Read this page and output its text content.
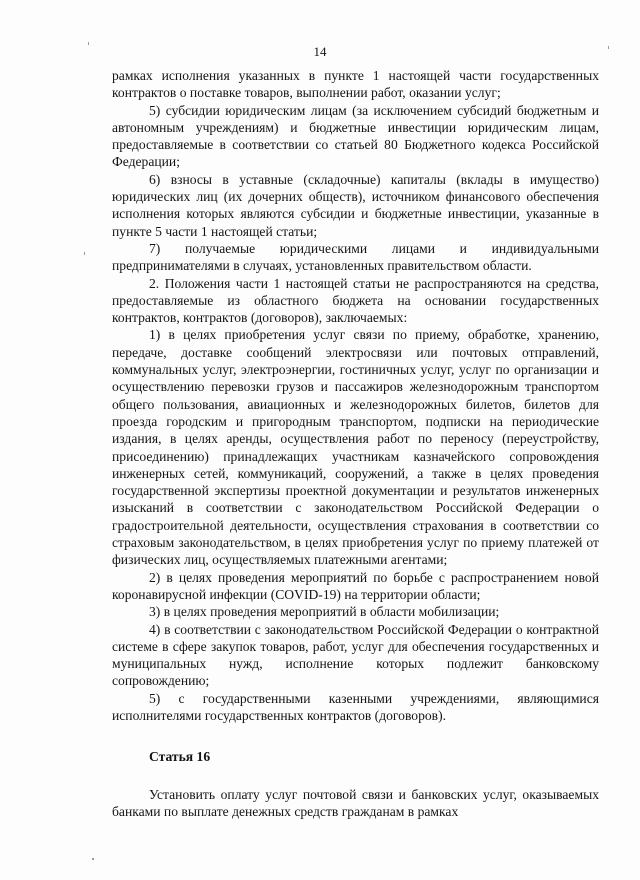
14

рамках исполнения указанных в пункте 1 настоящей части государственных контрактов о поставке товаров, выполнении работ, оказании услуг;

5) субсидии юридическим лицам (за исключением субсидий бюджетным и автономным учреждениям) и бюджетные инвестиции юридическим лицам, предоставляемые в соответствии со статьей 80 Бюджетного кодекса Российской Федерации;

6) взносы в уставные (складочные) капиталы (вклады в имущество) юридических лиц (их дочерних обществ), источником финансового обеспечения исполнения которых являются субсидии и бюджетные инвестиции, указанные в пункте 5 части 1 настоящей статьи;

7) получаемые юридическими лицами и индивидуальными предпринимателями в случаях, установленных правительством области.

2. Положения части 1 настоящей статьи не распространяются на средства, предоставляемые из областного бюджета на основании государственных контрактов, контрактов (договоров), заключаемых:

1) в целях приобретения услуг связи по приему, обработке, хранению, передаче, доставке сообщений электросвязи или почтовых отправлений, коммунальных услуг, электроэнергии, гостиничных услуг, услуг по организации и осуществлению перевозки грузов и пассажиров железнодорожным транспортом общего пользования, авиационных и железнодорожных билетов, билетов для проезда городским и пригородным транспортом, подписки на периодические издания, в целях аренды, осуществления работ по переносу (переустройству, присоединению) принадлежащих участникам казначейского сопровождения инженерных сетей, коммуникаций, сооружений, а также в целях проведения государственной экспертизы проектной документации и результатов инженерных изысканий в соответствии с законодательством Российской Федерации о градостроительной деятельности, осуществления страхования в соответствии со страховым законодательством, в целях приобретения услуг по приему платежей от физических лиц, осуществляемых платежными агентами;

2) в целях проведения мероприятий по борьбе с распространением новой коронавирусной инфекции (COVID-19) на территории области;

3) в целях проведения мероприятий в области мобилизации;

4) в соответствии с законодательством Российской Федерации о контрактной системе в сфере закупок товаров, работ, услуг для обеспечения государственных и муниципальных нужд, исполнение которых подлежит банковскому сопровождению;

5) с государственными казенными учреждениями, являющимися исполнителями государственных контрактов (договоров).

Статья 16

Установить оплату услуг почтовой связи и банковских услуг, оказываемых банками по выплате денежных средств гражданам в рамках
